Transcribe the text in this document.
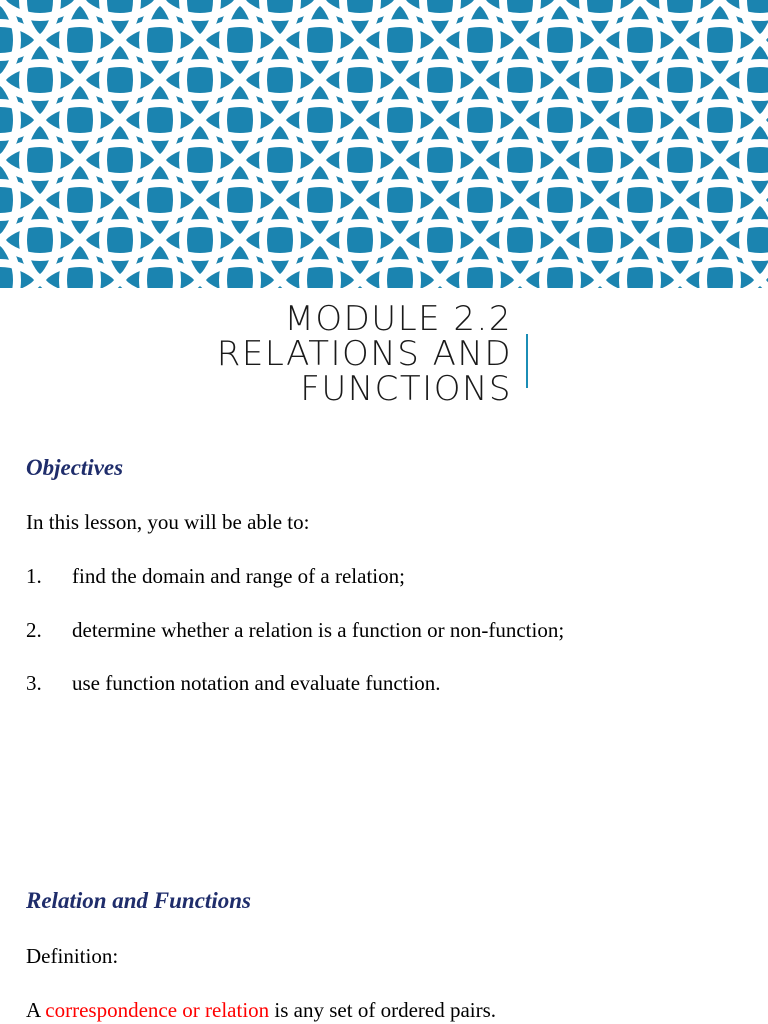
MODULE 2.2
RELATIONS AND
FUNCTIONS
Objectives
In this lesson, you will be able to:
1. find the domain and range of a relation;
2. determine whether a relation is a function or non-function;
3. use function notation and evaluate function.
Relation and Functions
Definition:
A correspondence or relation is any set of ordered pairs.
